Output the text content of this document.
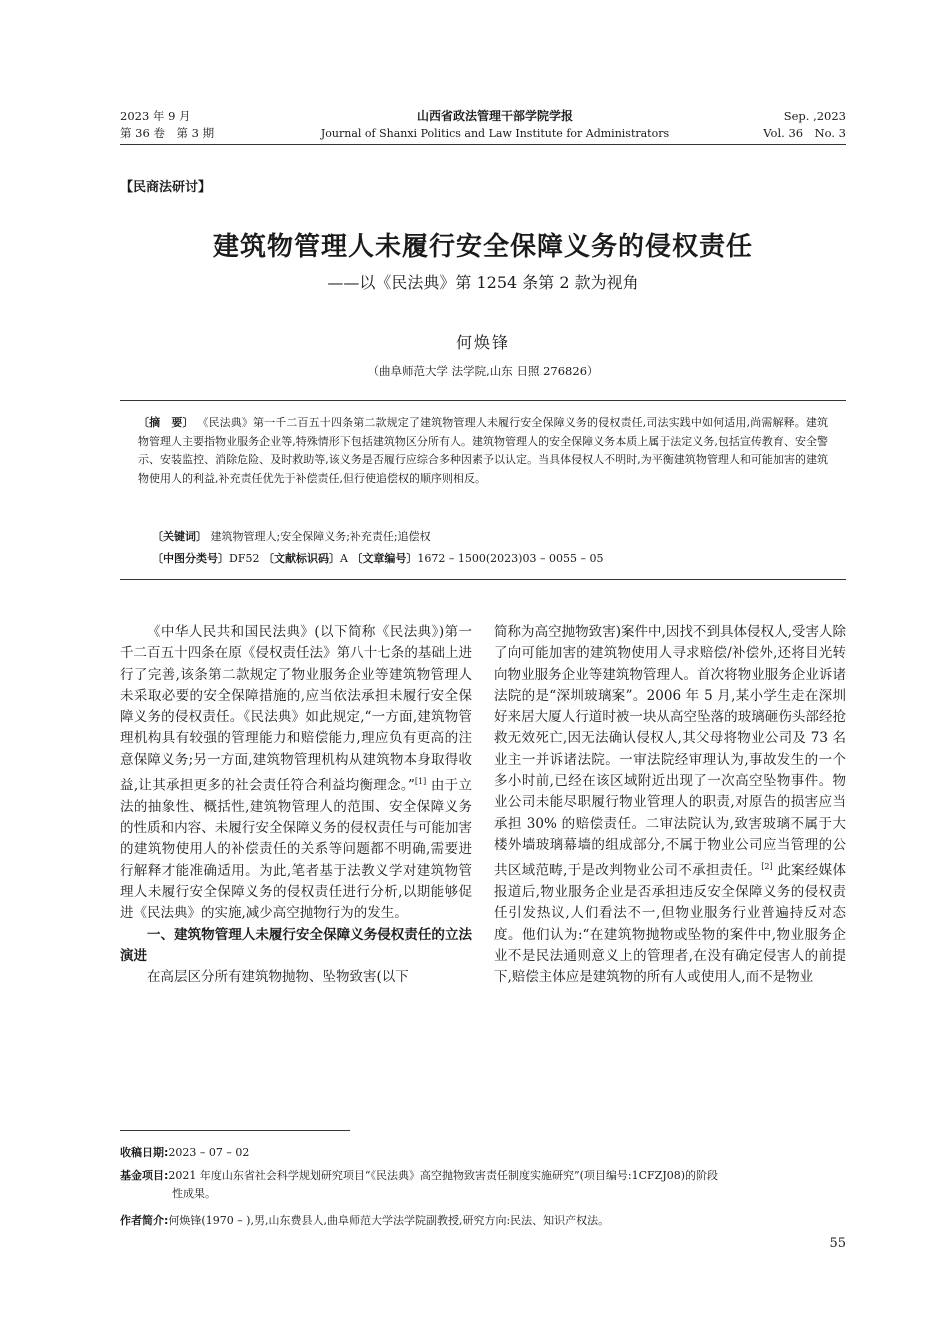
2023 年 9 月
第 36 卷　第 3 期
山西省政法管理干部学院学报
Journal of Shanxi Politics and Law Institute for Administrators
Sep. ,2023
Vol. 36　No. 3
【民商法研讨】
建筑物管理人未履行安全保障义务的侵权责任
——以《民法典》第 1254 条第 2 款为视角
何焕锋
（曲阜师范大学 法学院,山东 日照 276826）
〔摘　要〕 《民法典》第一千二百五十四条第二款规定了建筑物管理人未履行安全保障义务的侵权责任,司法实践中如何适用,尚需解释。建筑物管理人主要指物业服务企业等,特殊情形下包括建筑物区分所有人。建筑物管理人的安全保障义务本质上属于法定义务,包括宣传教育、安全警示、安装监控、消除危险、及时救助等,该义务是否履行应综合多种因素予以认定。当具体侵权人不明时,为平衡建筑物管理人和可能加害的建筑物使用人的利益,补充责任优先于补偿责任,但行使追偿权的顺序则相反。
〔关键词〕 建筑物管理人;安全保障义务;补充责任;追偿权
〔中图分类号〕DF52 〔文献标识码〕A 〔文章编号〕1672 – 1500(2023)03 – 0055 – 05

《中华人民共和国民法典》(以下简称《民法典》)第一千二百五十四条在原《侵权责任法》第八十七条的基础上进行了完善,该条第二款规定了物业服务企业等建筑物管理人未采取必要的安全保障措施的,应当依法承担未履行安全保障义务的侵权责任。《民法典》如此规定,“一方面,建筑物管理机构具有较强的管理能力和赔偿能力,理应负有更高的注意保障义务;另一方面,建筑物管理机构从建筑物本身取得收益,让其承担更多的社会责任符合利益均衡理念。”[1] 由于立法的抽象性、概括性,建筑物管理人的范围、安全保障义务的性质和内容、未履行安全保障义务的侵权责任与可能加害的建筑物使用人的补偿责任的关系等问题都不明确,需要进行解释才能准确适用。为此,笔者基于法教义学对建筑物管理人未履行安全保障义务的侵权责任进行分析,以期能够促进《民法典》的实施,减少高空抛物行为的发生。

一、建筑物管理人未履行安全保障义务侵权责任的立法演进

在高层区分所有建筑物抛物、坠物致害(以下

简称为高空抛物致害)案件中,因找不到具体侵权人,受害人除了向可能加害的建筑物使用人寻求赔偿/补偿外,还将目光转向物业服务企业等建筑物管理人。首次将物业服务企业诉诸法院的是“深圳玻璃案”。2006 年 5 月,某小学生走在深圳好来居大厦人行道时被一块从高空坠落的玻璃砸伤头部经抢救无效死亡,因无法确认侵权人,其父母将物业公司及 73 名业主一并诉诸法院。一审法院经审理认为,事故发生的一个多小时前,已经在该区域附近出现了一次高空坠物事件。物业公司未能尽职履行物业管理人的职责,对原告的损害应当承担 30% 的赔偿责任。二审法院认为,致害玻璃不属于大楼外墙玻璃幕墙的组成部分,不属于物业公司应当管理的公共区域范畴,于是改判物业公司不承担责任。[2] 此案经媒体报道后,物业服务企业是否承担违反安全保障义务的侵权责任引发热议,人们看法不一,但物业服务行业普遍持反对态度。他们认为:“在建筑物抛物或坠物的案件中,物业服务企业不是民法通则意义上的管理者,在没有确定侵害人的前提下,赔偿主体应是建筑物的所有人或使用人,而不是物业

收稿日期:2023 – 07 – 02
基金项目:2021 年度山东省社会科学规划研究项目“《民法典》高空抛物致害责任制度实施研究”(项目编号:1CFZJ08)的阶段
性成果。
作者简介:何焕锋(1970 – ),男,山东费县人,曲阜师范大学法学院副教授,研究方向:民法、知识产权法。
55
